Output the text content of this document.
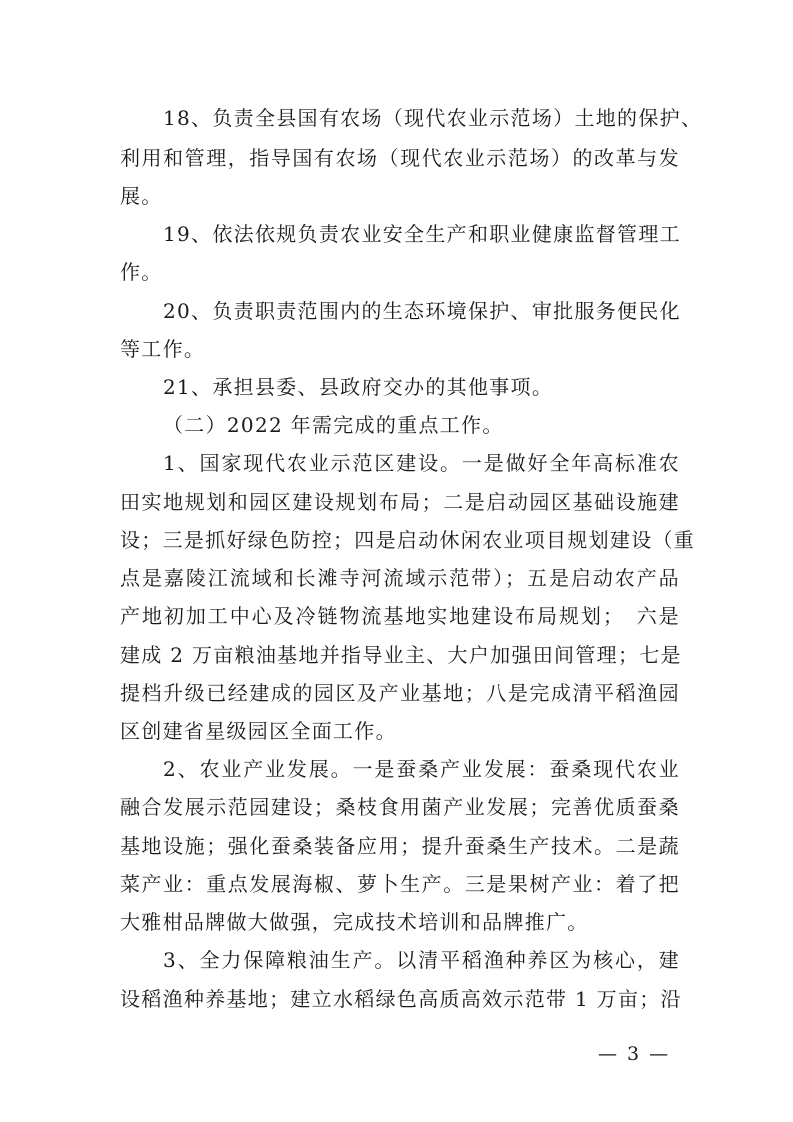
18、负责全县国有农场（现代农业示范场）土地的保护、
利用和管理，指导国有农场（现代农业示范场）的改革与发
展。
19、依法依规负责农业安全生产和职业健康监督管理工
作。
20、负责职责范围内的生态环境保护、审批服务便民化
等工作。
21、承担县委、县政府交办的其他事项。
（二）2022 年需完成的重点工作。
1、国家现代农业示范区建设。一是做好全年高标准农
田实地规划和园区建设规划布局；二是启动园区基础设施建
设；三是抓好绿色防控；四是启动休闲农业项目规划建设（重
点是嘉陵江流域和长滩寺河流域示范带）；五是启动农产品
产地初加工中心及冷链物流基地实地建设布局规划；　六是
建成 2 万亩粮油基地并指导业主、大户加强田间管理；七是
提档升级已经建成的园区及产业基地；八是完成清平稻渔园
区创建省星级园区全面工作。
2、农业产业发展。一是蚕桑产业发展：蚕桑现代农业
融合发展示范园建设；桑枝食用菌产业发展；完善优质蚕桑
基地设施；强化蚕桑装备应用；提升蚕桑生产技术。二是蔬
菜产业：重点发展海椒、萝卜生产。三是果树产业：着了把
大雅柑品牌做大做强，完成技术培训和品牌推广。
3、全力保障粮油生产。以清平稻渔种养区为核心，建
设稻渔种养基地；建立水稻绿色高质高效示范带 1 万亩；沿
— 3 —
